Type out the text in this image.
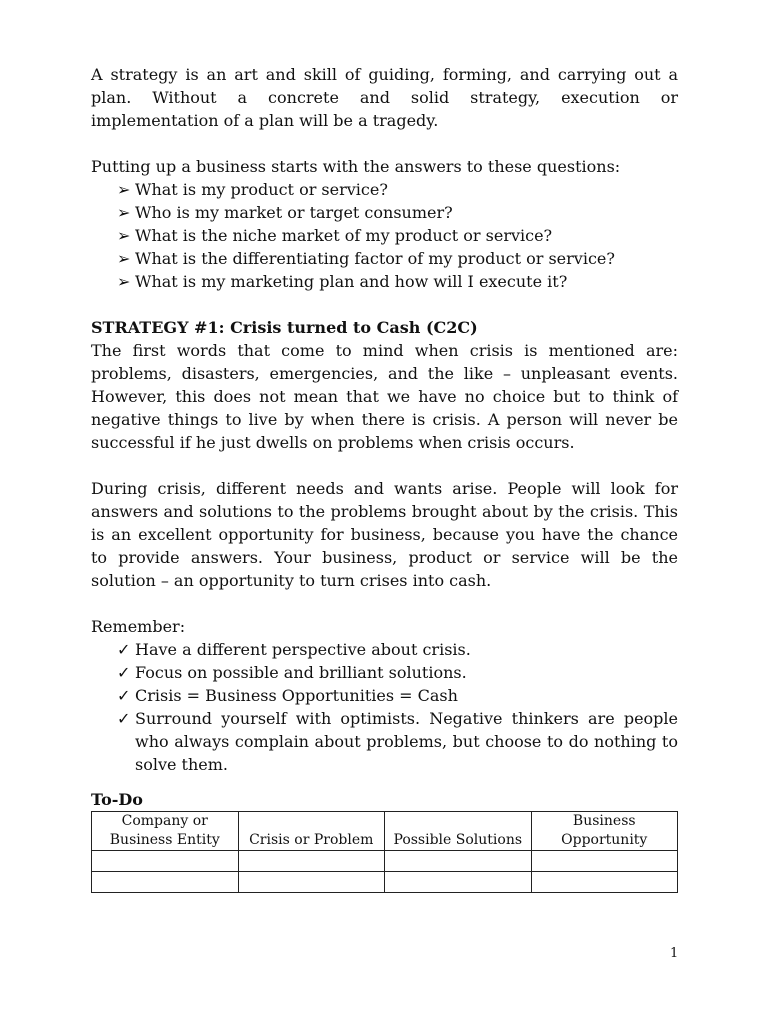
A strategy is an art and skill of guiding, forming, and carrying out a plan. Without a concrete and solid strategy, execution or implementation of a plan will be a tragedy.

Putting up a business starts with the answers to these questions:

➢ What is my product or service?
➢ Who is my market or target consumer?
➢ What is the niche market of my product or service?
➢ What is the differentiating factor of my product or service?
➢ What is my marketing plan and how will I execute it?

STRATEGY #1: Crisis turned to Cash (C2C)

The first words that come to mind when crisis is mentioned are: problems, disasters, emergencies, and the like – unpleasant events. However, this does not mean that we have no choice but to think of negative things to live by when there is crisis. A person will never be successful if he just dwells on problems when crisis occurs.

During crisis, different needs and wants arise. People will look for answers and solutions to the problems brought about by the crisis. This is an excellent opportunity for business, because you have the chance to provide answers. Your business, product or service will be the solution – an opportunity to turn crises into cash.

Remember:

✓ Have a different perspective about crisis.
✓ Focus on possible and brilliant solutions.
✓ Crisis = Business Opportunities = Cash
✓ Surround yourself with optimists. Negative thinkers are people who always complain about problems, but choose to do nothing to solve them.

To-Do

Company or Business Entity	Crisis or Problem	Possible Solutions	Business Opportunity

1
